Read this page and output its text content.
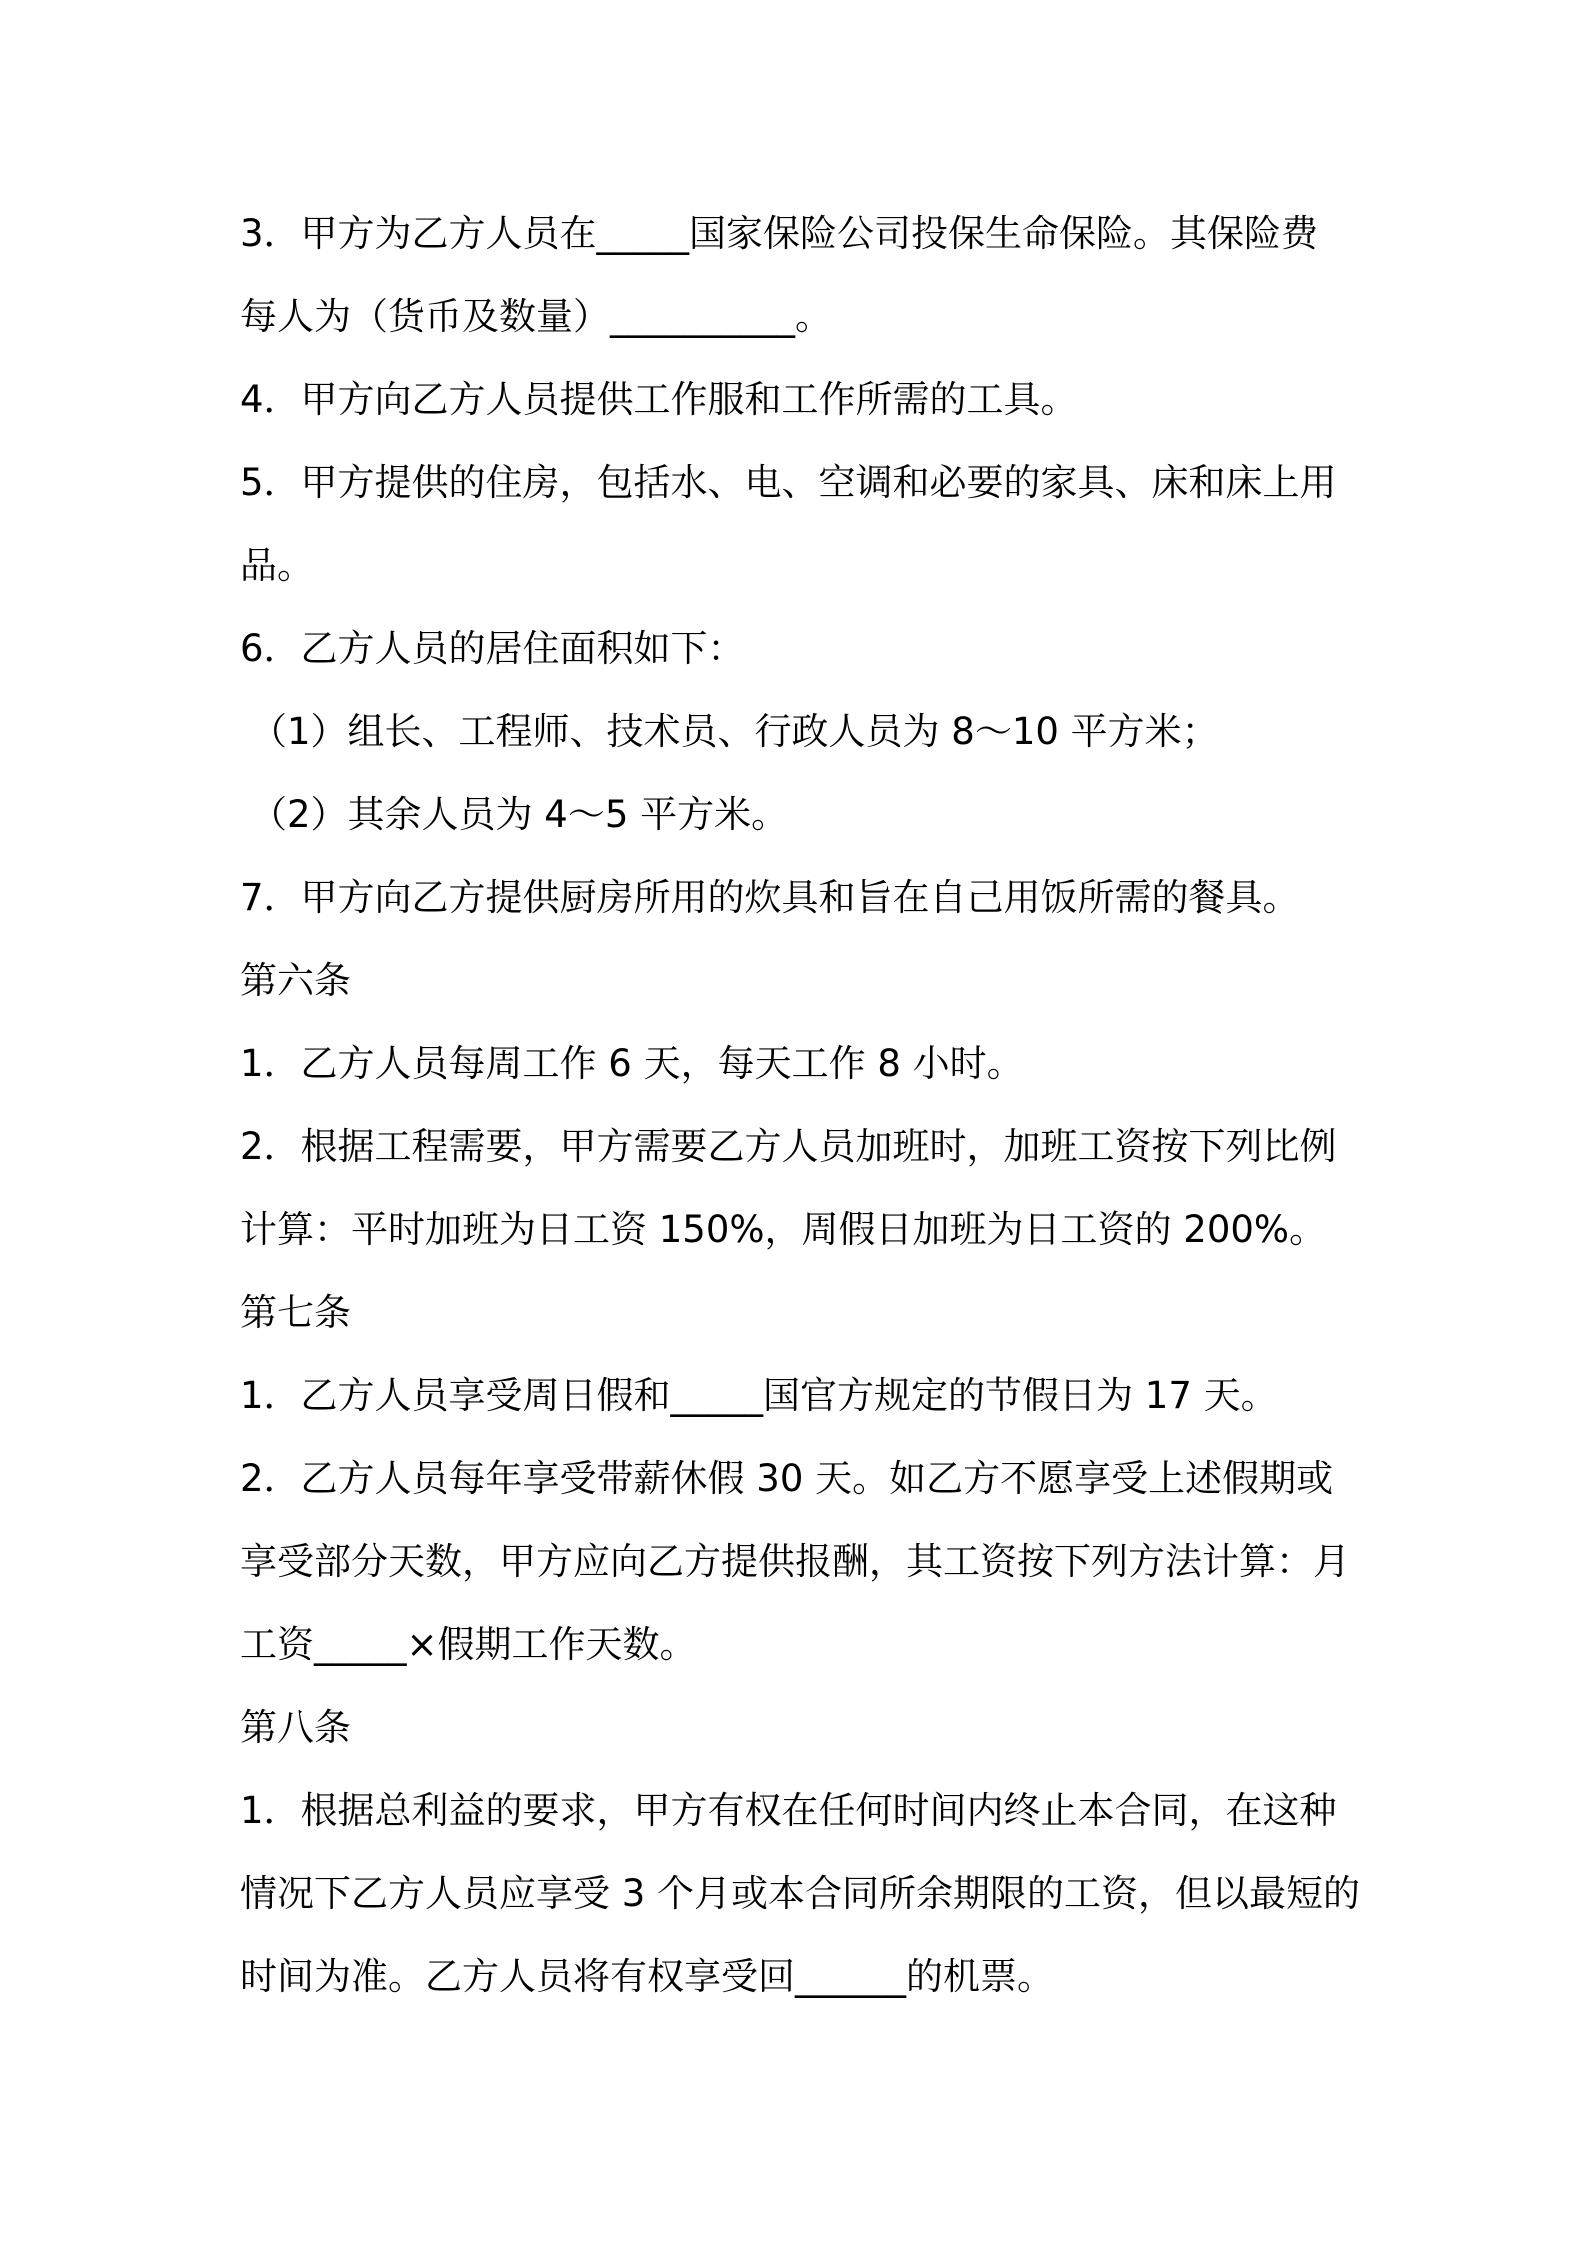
3．甲方为乙方人员在_____国家保险公司投保生命保险。其保险费
每人为（货币及数量）__________。
4．甲方向乙方人员提供工作服和工作所需的工具。
5．甲方提供的住房，包括水、电、空调和必要的家具、床和床上用
品。
6．乙方人员的居住面积如下：
（1）组长、工程师、技术员、行政人员为 8～10 平方米；
（2）其余人员为 4～5 平方米。
7．甲方向乙方提供厨房所用的炊具和旨在自己用饭所需的餐具。
第六条
1．乙方人员每周工作 6 天，每天工作 8 小时。
2．根据工程需要，甲方需要乙方人员加班时，加班工资按下列比例
计算：平时加班为日工资 150%，周假日加班为日工资的 200%。
第七条
1．乙方人员享受周日假和_____国官方规定的节假日为 17 天。
2．乙方人员每年享受带薪休假 30 天。如乙方不愿享受上述假期或
享受部分天数，甲方应向乙方提供报酬，其工资按下列方法计算：月
工资_____×假期工作天数。
第八条
1．根据总利益的要求，甲方有权在任何时间内终止本合同，在这种
情况下乙方人员应享受 3 个月或本合同所余期限的工资，但以最短的
时间为准。乙方人员将有权享受回______的机票。
